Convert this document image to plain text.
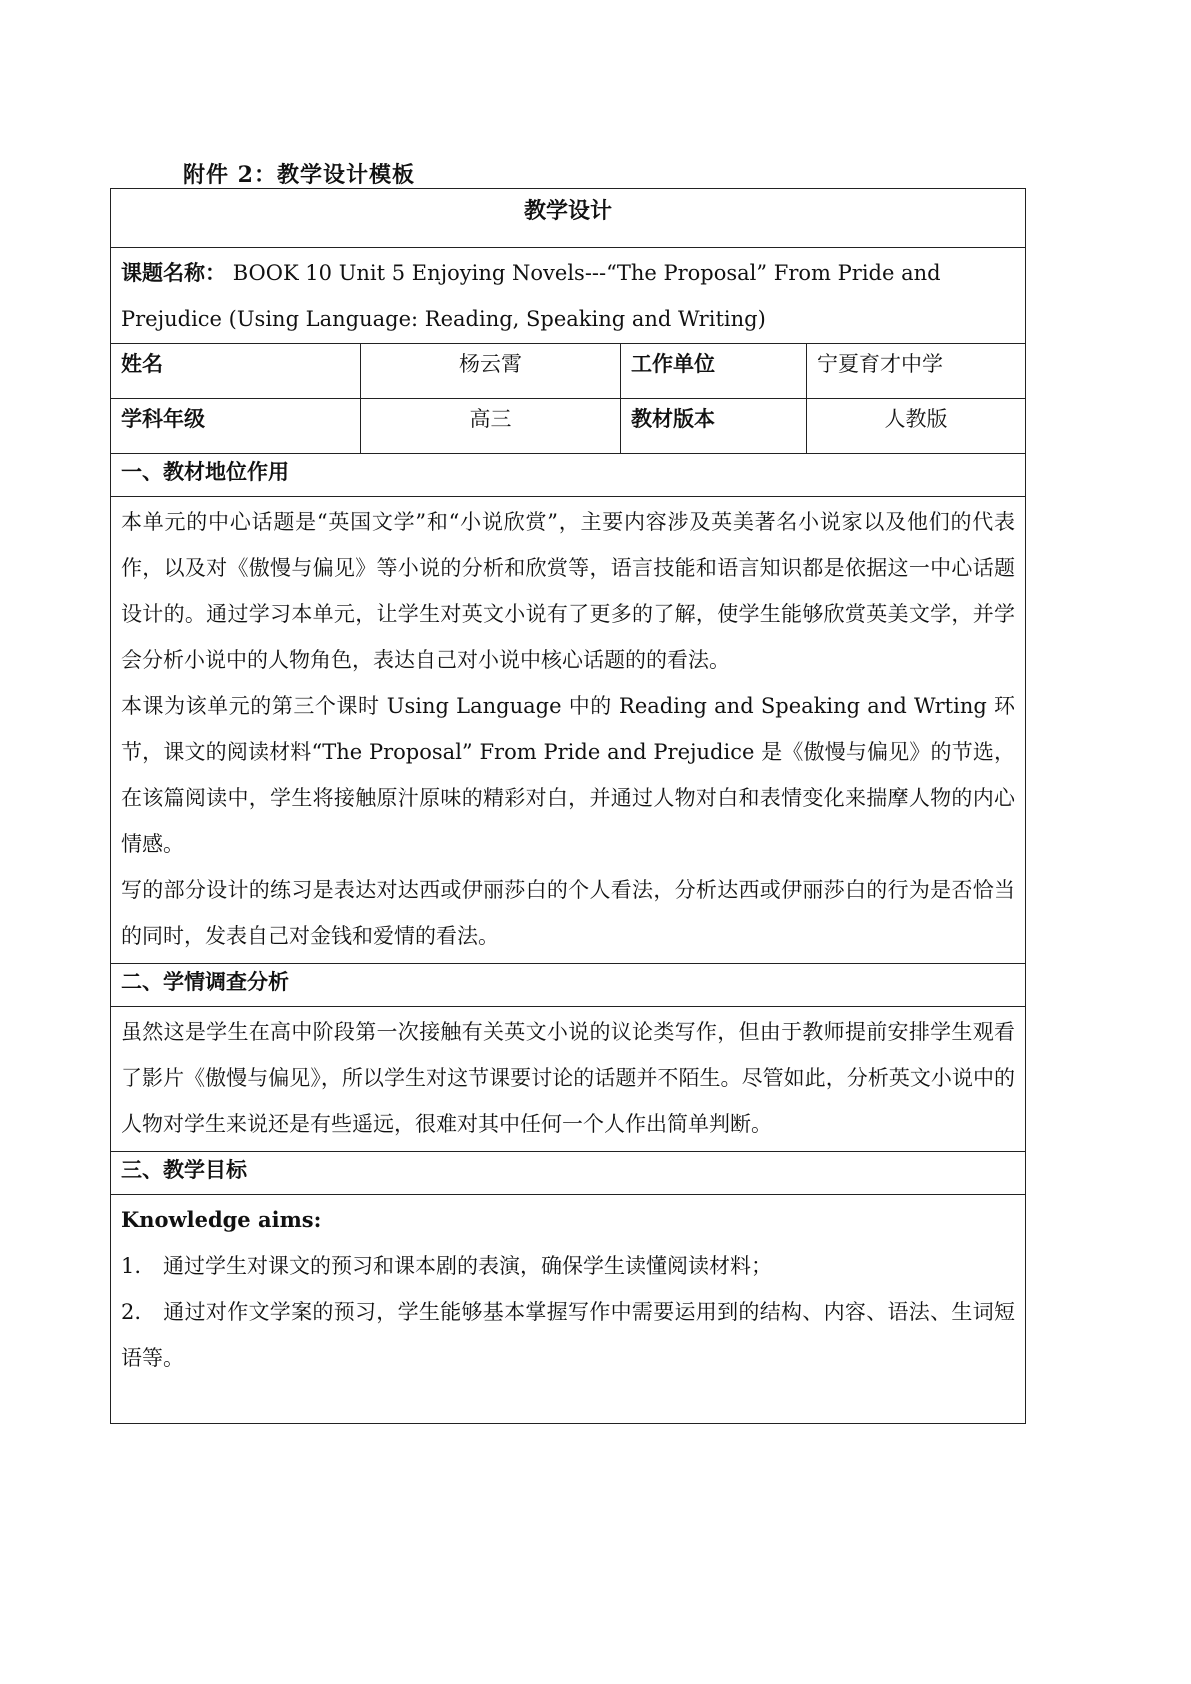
附件 2：教学设计模板
教学设计			
课题名称： BOOK 10 Unit 5 Enjoying Novels---“The Proposal” From Pride and Prejudice (Using Language: Reading, Speaking and Writing)			
姓名	杨云霄	工作单位	宁夏育才中学
学科年级	高三	教材版本	人教版
一、教材地位作用			

本单元的中心话题是“英国文学”和“小说欣赏”，主要内容涉及英美著名小说家以及他们的代表作，以及对《傲慢与偏见》等小说的分析和欣赏等，语言技能和语言知识都是依据这一中心话题设计的。通过学习本单元，让学生对英文小说有了更多的了解，使学生能够欣赏英美文学，并学会分析小说中的人物角色，表达自己对小说中核心话题的的看法。

本课为该单元的第三个课时 Using Language 中的 Reading and Speaking and Wrting 环节，课文的阅读材料“The Proposal” From Pride and Prejudice 是《傲慢与偏见》的节选，在该篇阅读中，学生将接触原汁原味的精彩对白，并通过人物对白和表情变化来揣摩人物的内心情感。

写的部分设计的练习是表达对达西或伊丽莎白的个人看法，分析达西或伊丽莎白的行为是否恰当的同时，发表自己对金钱和爱情的看法。			

二、学情调查分析			

虽然这是学生在高中阶段第一次接触有关英文小说的议论类写作，但由于教师提前安排学生观看了影片《傲慢与偏见》，所以学生对这节课要讨论的话题并不陌生。尽管如此，分析英文小说中的人物对学生来说还是有些遥远，很难对其中任何一个人作出简单判断。			

三、教学目标			

Knowledge aims:

1. 通过学生对课文的预习和课本剧的表演，确保学生读懂阅读材料；

2. 通过对作文学案的预习，学生能够基本掌握写作中需要运用到的结构、内容、语法、生词短语等。			
